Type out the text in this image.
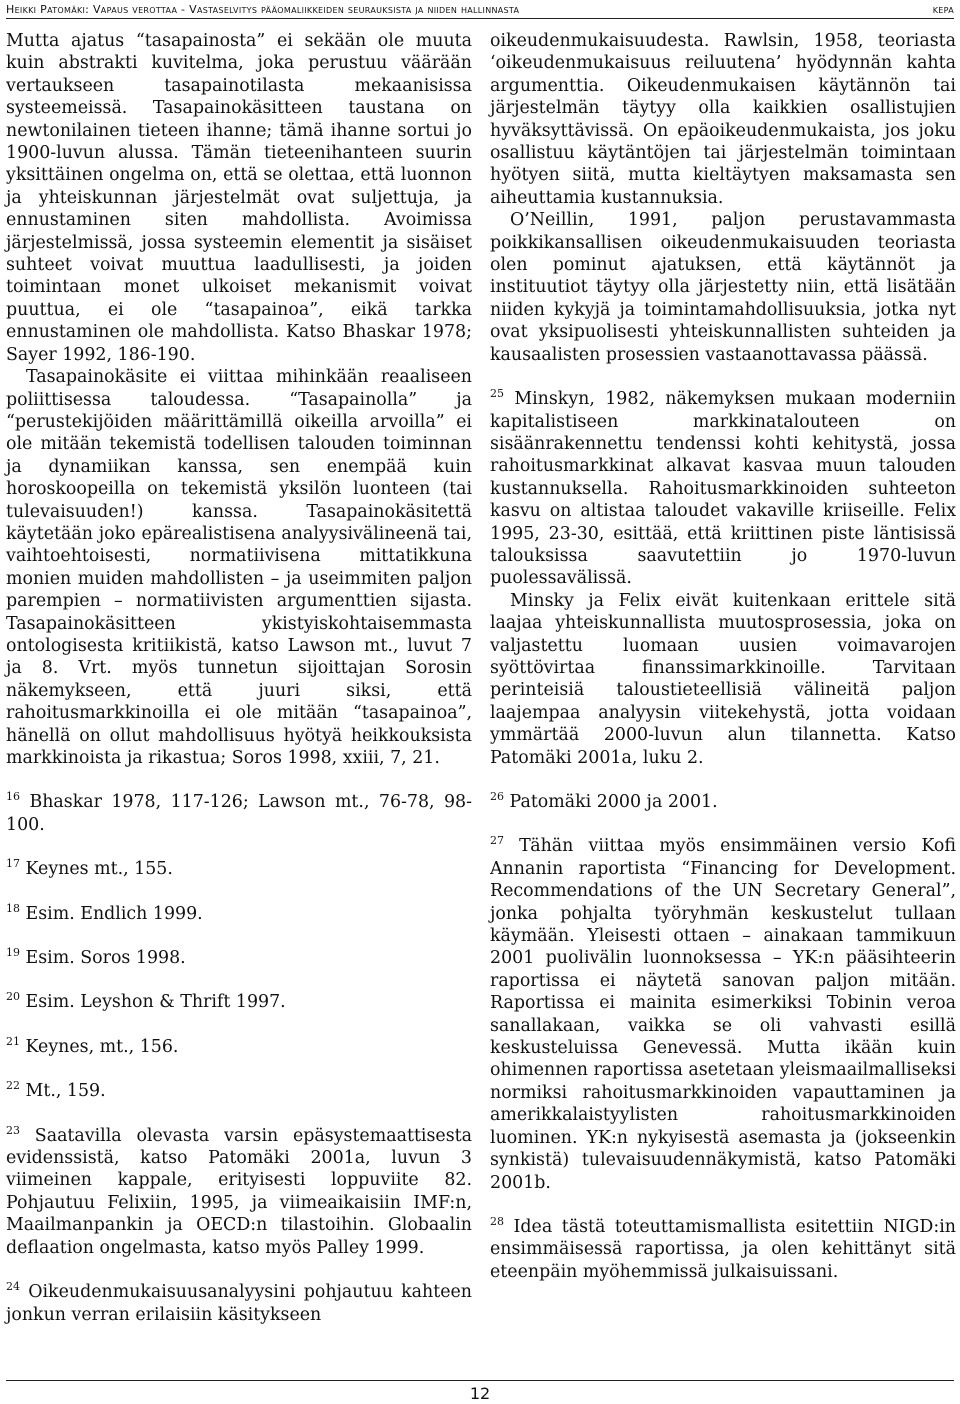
Heikki Patomäki: Vapaus verottaa - Vastaselvitys pääomaliikkeiden seurauksista ja niiden hallinnasta	kepa

Mutta ajatus “tasapainosta” ei sekään ole muuta kuin abstrakti kuvitelma, joka perustuu väärään vertaukseen tasapainotilasta mekaanisissa systeemeissä. Tasapainokäsitteen taustana on newtonilainen tieteen ihanne; tämä ihanne sortui jo 1900-luvun alussa. Tämän tieteenihanteen suurin yksittäinen ongelma on, että se olettaa, että luonnon ja yhteiskunnan järjestelmät ovat suljettuja, ja ennustaminen siten mahdollista. Avoimissa järjestelmissä, jossa systeemin elementit ja sisäiset suhteet voivat muuttua laadullisesti, ja joiden toimintaan monet ulkoiset mekanismit voivat puuttua, ei ole “tasapainoa”, eikä tarkka ennustaminen ole mahdollista. Katso Bhaskar 1978; Sayer 1992, 186-190.

Tasapainokäsite ei viittaa mihinkään reaaliseen poliittisessa taloudessa. “Tasapainolla” ja “perustekijöiden määrittämillä oikeilla arvoilla” ei ole mitään tekemistä todellisen talouden toiminnan ja dynamiikan kanssa, sen enempää kuin horoskoopeilla on tekemistä yksilön luonteen (tai tulevaisuuden!) kanssa. Tasapainokäsitettä käytetään joko epärealistisena analyysivälineenä tai, vaihtoehtoisesti, normatiivisena mittatikkuna monien muiden mahdollisten – ja useimmiten paljon parempien – normatiivisten argumenttien sijasta. Tasapainokäsitteen ykistyiskohtaisemmasta ontologisesta kritiikistä, katso Lawson mt., luvut 7 ja 8. Vrt. myös tunnetun sijoittajan Sorosin näkemykseen, että juuri siksi, että rahoitusmarkkinoilla ei ole mitään “tasapainoa”, hänellä on ollut mahdollisuus hyötyä heikkouksista markkinoista ja rikastua; Soros 1998, xxiii, 7, 21.

$^{16}$ Bhaskar 1978, 117-126; Lawson mt., 76-78, 98-100.

$^{17}$ Keynes mt., 155.

$^{18}$ Esim. Endlich 1999.

$^{19}$ Esim. Soros 1998.

$^{20}$ Esim. Leyshon & Thrift 1997.

$^{21}$ Keynes, mt., 156.

$^{22}$ Mt., 159.

$^{23}$ Saatavilla olevasta varsin epäsystemaattisesta evidenssistä, katso Patomäki 2001a, luvun 3 viimeinen kappale, erityisesti loppuviite 82. Pohjautuu Felixiin, 1995, ja viimeaikaisiin IMF:n, Maailmanpankin ja OECD:n tilastoihin. Globaalin deflaation ongelmasta, katso myös Palley 1999.

$^{24}$ Oikeudenmukaisuusanalyysini pohjautuu kahteen jonkun verran erilaisiin käsitykseen

oikeudenmukaisuudesta. Rawlsin, 1958, teoriasta ‘oikeudenmukaisuus reiluutena’ hyödynnän kahta argumenttia. Oikeudenmukaisen käytännön tai järjestelmän täytyy olla kaikkien osallistujien hyväksyttävissä. On epäoikeudenmukaista, jos joku osallistuu käytäntöjen tai järjestelmän toimintaan hyötyen siitä, mutta kieltäytyen maksamasta sen aiheuttamia kustannuksia.

O’Neillin, 1991, paljon perustavammasta poikkikansallisen oikeudenmukaisuuden teoriasta olen pominut ajatuksen, että käytännöt ja instituutiot täytyy olla järjestetty niin, että lisätään niiden kykyjä ja toimintamahdollisuuksia, jotka nyt ovat yksipuolisesti yhteiskunnallisten suhteiden ja kausaalisten prosessien vastaanottavassa päässä.

$^{25}$ Minskyn, 1982, näkemyksen mukaan moderniin kapitalistiseen markkinatalouteen on sisäänrakennettu tendenssi kohti kehitystä, jossa rahoitusmarkkinat alkavat kasvaa muun talouden kustannuksella. Rahoitusmarkkinoiden suhteeton kasvu on altistaa taloudet vakaville kriiseille. Felix 1995, 23-30, esittää, että kriittinen piste läntisissä talouksissa saavutettiin jo 1970-luvun puolessavälissä.

Minsky ja Felix eivät kuitenkaan erittele sitä laajaa yhteiskunnallista muutosprosessia, joka on valjastettu luomaan uusien voimavarojen syöttövirtaa finanssimarkkinoille. Tarvitaan perinteisiä taloustieteellisiä välineitä paljon laajempaa analyysin viitekehystä, jotta voidaan ymmärtää 2000-luvun alun tilannetta. Katso Patomäki 2001a, luku 2.

$^{26}$ Patomäki 2000 ja 2001.

$^{27}$ Tähän viittaa myös ensimmäinen versio Kofi Annanin raportista “Financing for Development. Recommendations of the UN Secretary General”, jonka pohjalta työryhmän keskustelut tullaan käymään. Yleisesti ottaen – ainakaan tammikuun 2001 puolivälin luonnoksessa – YK:n pääsihteerin raportissa ei näytetä sanovan paljon mitään. Raportissa ei mainita esimerkiksi Tobinin veroa sanallakaan, vaikka se oli vahvasti esillä keskusteluissa Genevessä. Mutta ikään kuin ohimennen raportissa asetetaan yleismaailmalliseksi normiksi rahoitusmarkkinoiden vapauttaminen ja amerikkalaistyylisten rahoitusmarkkinoiden luominen. YK:n nykyisestä asemasta ja (jokseenkin synkistä) tulevaisuudennäkymistä, katso Patomäki 2001b.

$^{28}$ Idea tästä toteuttamismallista esitettiin NIGD:in ensimmäisessä raportissa, ja olen kehittänyt sitä eteenpäin myöhemmissä julkaisuissani.

12
